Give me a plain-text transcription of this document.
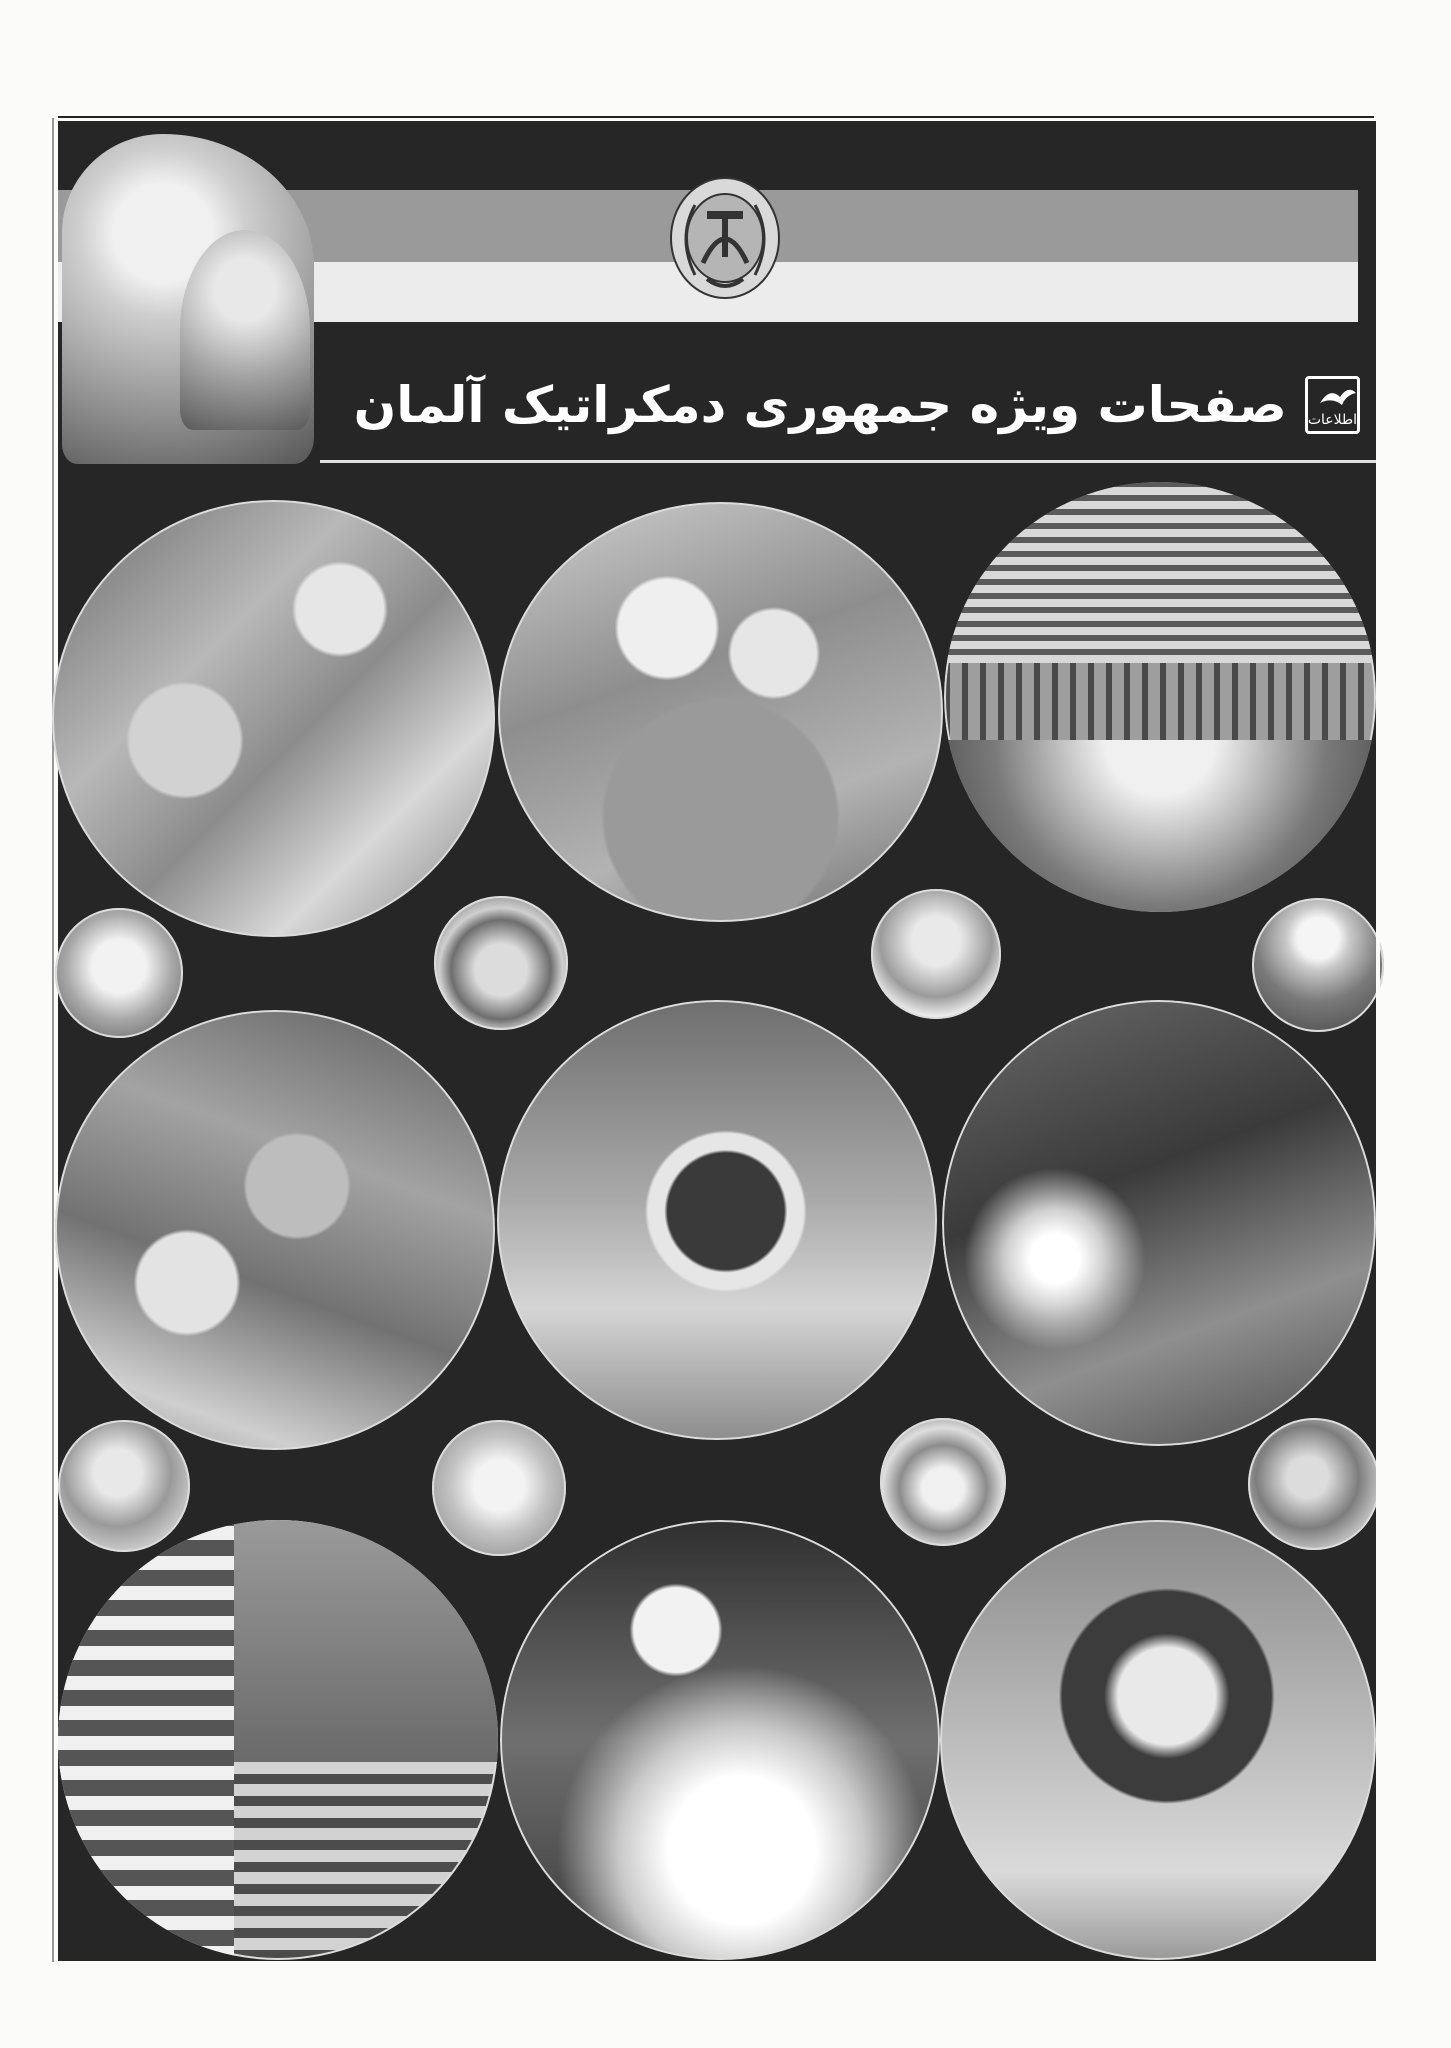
صفحات ویژه جمهوری دمکراتیک آلمان اطلاعات
